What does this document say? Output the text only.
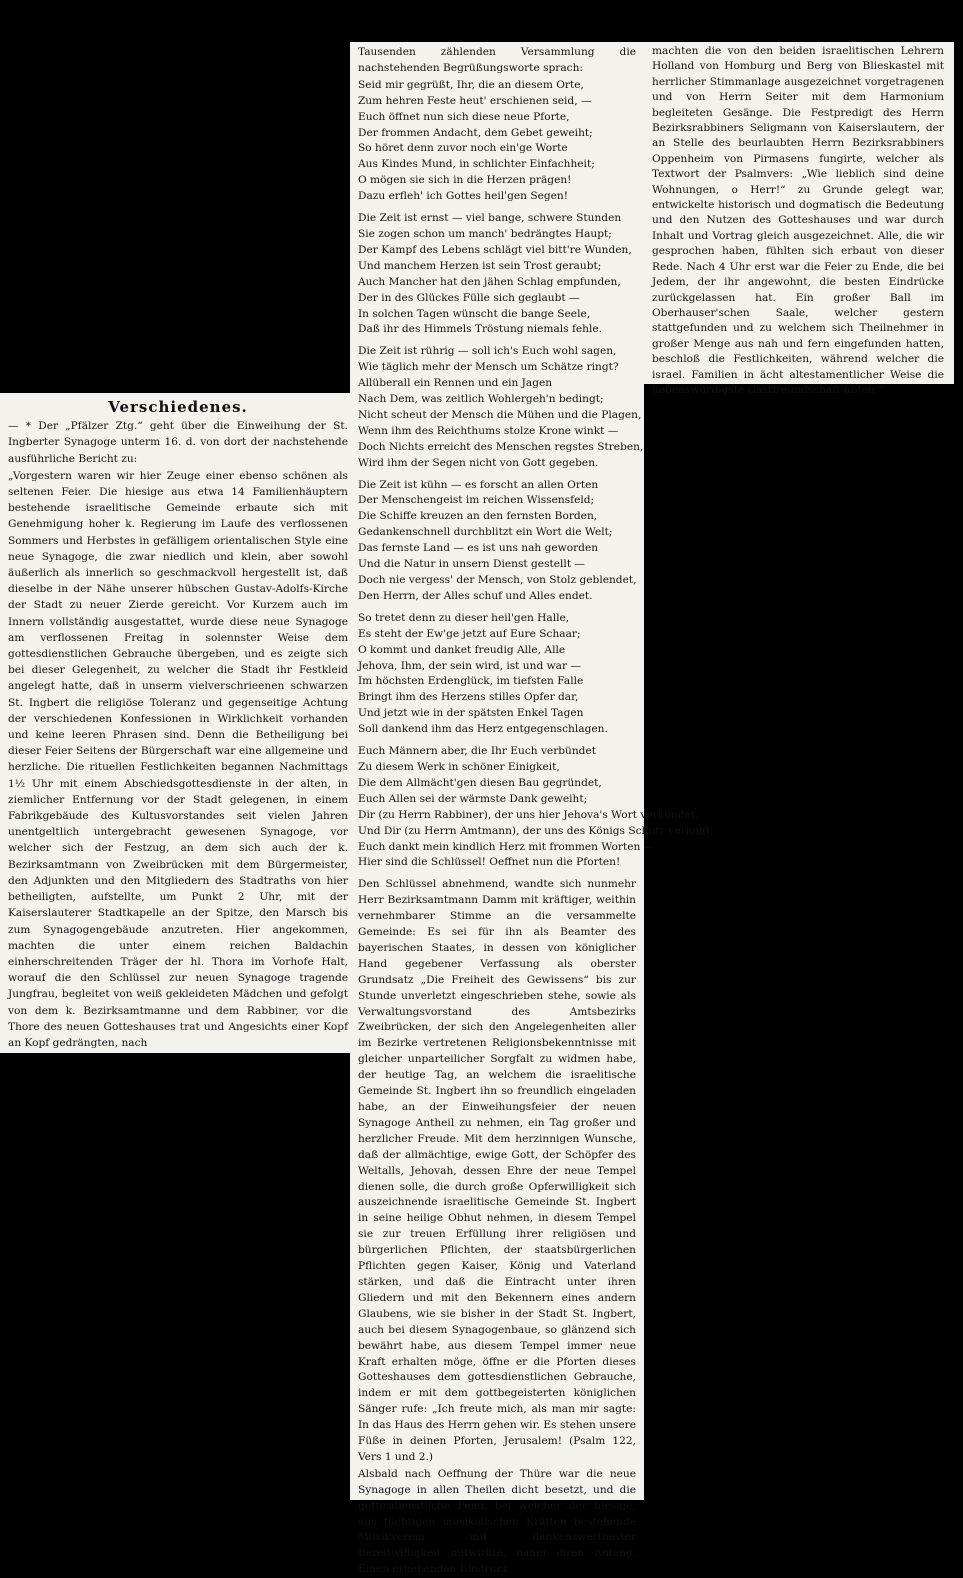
Verschiedenes.

— * Der „Pfälzer Ztg.“ geht über die Einweihung der St. Ingberter Synagoge unterm 16. d. von dort der nachstehende ausführliche Bericht zu:

„Vorgestern waren wir hier Zeuge einer ebenso schönen als seltenen Feier. Die hiesige aus etwa 14 Familienhäuptern bestehende israelitische Gemeinde erbaute sich mit Genehmigung hoher k. Regierung im Laufe des verflossenen Sommers und Herbstes in gefälligem orientalischen Style eine neue Synagoge, die zwar niedlich und klein, aber sowohl äußerlich als innerlich so geschmackvoll hergestellt ist, daß dieselbe in der Nähe unserer hübschen Gustav-Adolfs-Kirche der Stadt zu neuer Zierde gereicht. Vor Kurzem auch im Innern vollständig ausgestattet, wurde diese neue Synagoge am verflossenen Freitag in solennster Weise dem gottesdienstlichen Gebrauche übergeben, und es zeigte sich bei dieser Gelegenheit, zu welcher die Stadt ihr Festkleid angelegt hatte, daß in unserm vielverschrieenen schwarzen St. Ingbert die religiöse Toleranz und gegenseitige Achtung der verschiedenen Konfessionen in Wirklichkeit vorhanden und keine leeren Phrasen sind. Denn die Betheiligung bei dieser Feier Seitens der Bürgerschaft war eine allgemeine und herzliche. Die rituellen Festlichkeiten begannen Nachmittags 1½ Uhr mit einem Abschiedsgottesdienste in der alten, in ziemlicher Entfernung vor der Stadt gelegenen, in einem Fabrikgebäude des Kultusvorstandes seit vielen Jahren unentgeltlich untergebracht gewesenen Synagoge, vor welcher sich der Festzug, an dem sich auch der k. Bezirksamtmann von Zweibrücken mit dem Bürgermeister, den Adjunkten und den Mitgliedern des Stadtraths von hier betheiligten, aufstellte, um Punkt 2 Uhr, mit der Kaiserslauterer Stadtkapelle an der Spitze, den Marsch bis zum Synagogengebäude anzutreten. Hier angekommen, machten die unter einem reichen Baldachin einherschreitenden Träger der hl. Thora im Vorhofe Halt, worauf die den Schlüssel zur neuen Synagoge tragende Jungfrau, begleitet von weiß gekleideten Mädchen und gefolgt von dem k. Bezirksamtmanne und dem Rabbiner, vor die Thore des neuen Gotteshauses trat und Angesichts einer Kopf an Kopf gedrängten, nach

Tausenden zählenden Versammlung die nachstehenden Begrüßungsworte sprach:

Seid mir gegrüßt, Ihr, die an diesem Orte,
Zum hehren Feste heut' erschienen seid, —
Euch öffnet nun sich diese neue Pforte,
Der frommen Andacht, dem Gebet geweiht;
So höret denn zuvor noch ein'ge Worte
Aus Kindes Mund, in schlichter Einfachheit;
O mögen sie sich in die Herzen prägen!
Dazu erfleh' ich Gottes heil'gen Segen!
Die Zeit ist ernst — viel bange, schwere Stunden
Sie zogen schon um manch' bedrängtes Haupt;
Der Kampf des Lebens schlägt viel bitt're Wunden,
Und manchem Herzen ist sein Trost geraubt;
Auch Mancher hat den jähen Schlag empfunden,
Der in des Glückes Fülle sich geglaubt —
In solchen Tagen wünscht die bange Seele,
Daß ihr des Himmels Tröstung niemals fehle.
Die Zeit ist rührig — soll ich's Euch wohl sagen,
Wie täglich mehr der Mensch um Schätze ringt?
Allüberall ein Rennen und ein Jagen
Nach Dem, was zeitlich Wohlergeh'n bedingt;
Nicht scheut der Mensch die Mühen und die Plagen,
Wenn ihm des Reichthums stolze Krone winkt —
Doch Nichts erreicht des Menschen regstes Streben,
Wird ihm der Segen nicht von Gott gegeben.
Die Zeit ist kühn — es forscht an allen Orten
Der Menschengeist im reichen Wissensfeld;
Die Schiffe kreuzen an den fernsten Borden,
Gedankenschnell durchblitzt ein Wort die Welt;
Das fernste Land — es ist uns nah geworden
Und die Natur in unsern Dienst gestellt —
Doch nie vergess' der Mensch, von Stolz geblendet,
Den Herrn, der Alles schuf und Alles endet.
So tretet denn zu dieser heil'gen Halle,
Es steht der Ew'ge jetzt auf Eure Schaar;
O kommt und danket freudig Alle, Alle
Jehova, Ihm, der sein wird, ist und war —
Im höchsten Erdenglück, im tiefsten Falle
Bringt ihm des Herzens stilles Opfer dar,
Und jetzt wie in der spätsten Enkel Tagen
Soll dankend ihm das Herz entgegenschlagen.
Euch Männern aber, die Ihr Euch verbündet
Zu diesem Werk in schöner Einigkeit,
Die dem Allmächt'gen diesen Bau gegründet,
Euch Allen sei der wärmste Dank geweiht;
Dir (zu Herrn Rabbiner), der uns hier Jehova's Wort verkündet,
Und Dir (zu Herrn Amtmann), der uns des Königs Schutz verleiht,
Euch dankt mein kindlich Herz mit frommen Worten —
Hier sind die Schlüssel! Oeffnet nun die Pforten!

Den Schlüssel abnehmend, wandte sich nunmehr Herr Bezirksamtmann Damm mit kräftiger, weithin vernehmbarer Stimme an die versammelte Gemeinde: Es sei für ihn als Beamter des bayerischen Staates, in dessen von königlicher Hand gegebener Verfassung als oberster Grundsatz „Die Freiheit des Gewissens“ bis zur Stunde unverletzt eingeschrieben stehe, sowie als Verwaltungsvorstand des Amtsbezirks Zweibrücken, der sich den Angelegenheiten aller im Bezirke vertretenen Religionsbekenntnisse mit gleicher unparteilicher Sorgfalt zu widmen habe, der heutige Tag, an welchem die israelitische Gemeinde St. Ingbert ihn so freundlich eingeladen habe, an der Einweihungsfeier der neuen Synagoge Antheil zu nehmen, ein Tag großer und herzlicher Freude. Mit dem herzinnigen Wunsche, daß der allmächtige, ewige Gott, der Schöpfer des Weltalls, Jehovah, dessen Ehre der neue Tempel dienen solle, die durch große Opferwilligkeit sich auszeichnende israelitische Gemeinde St. Ingbert in seine heilige Obhut nehmen, in diesem Tempel sie zur treuen Erfüllung ihrer religiösen und bürgerlichen Pflichten, der staatsbürgerlichen Pflichten gegen Kaiser, König und Vaterland stärken, und daß die Eintracht unter ihren Gliedern und mit den Bekennern eines andern Glaubens, wie sie bisher in der Stadt St. Ingbert, auch bei diesem Synagogenbaue, so glänzend sich bewährt habe, aus diesem Tempel immer neue Kraft erhalten möge, öffne er die Pforten dieses Gotteshauses dem gottesdienstlichen Gebrauche, indem er mit dem gottbegeisterten königlichen Sänger rufe: „Ich freute mich, als man mir sagte: In das Haus des Herrn gehen wir. Es stehen unsere Füße in deinen Pforten, Jerusalem! (Psalm 122, Vers 1 und 2.)

Alsbald nach Oeffnung der Thüre war die neue Synagoge in allen Theilen dicht besetzt, und die gottesdienstliche Feier, bei welcher der hiesige, aus tüchtigen musikalischen Kräften bestehende Musikverein mit dankenswerthester Bereitwilligkeit mitwirkte, nahm ihren Anfang. Einen erhebenden Eindruck

machten die von den beiden israelitischen Lehrern Holland von Homburg und Berg von Blieskastel mit herrlicher Stimmanlage ausgezeichnet vorgetragenen und von Herrn Seiter mit dem Harmonium begleiteten Gesänge. Die Festpredigt des Herrn Bezirksrabbiners Seligmann von Kaiserslautern, der an Stelle des beurlaubten Herrn Bezirksrabbiners Oppenheim von Pirmasens fungirte, welcher als Textwort der Psalmvers: „Wie lieblich sind deine Wohnungen, o Herr!“ zu Grunde gelegt war, entwickelte historisch und dogmatisch die Bedeutung und den Nutzen des Gotteshauses und war durch Inhalt und Vortrag gleich ausgezeichnet. Alle, die wir gesprochen haben, fühlten sich erbaut von dieser Rede. Nach 4 Uhr erst war die Feier zu Ende, die bei Jedem, der ihr angewohnt, die besten Eindrücke zurückgelassen hat. Ein großer Ball im Oberhauser'schen Saale, welcher gestern stattgefunden und zu welchem sich Theilnehmer in großer Menge aus nah und fern eingefunden hatten, beschloß die Festlichkeiten, während welcher die israel. Familien in ächt altestamentlicher Weise die liebenswürdigste Gastfreundschaft übten.“
